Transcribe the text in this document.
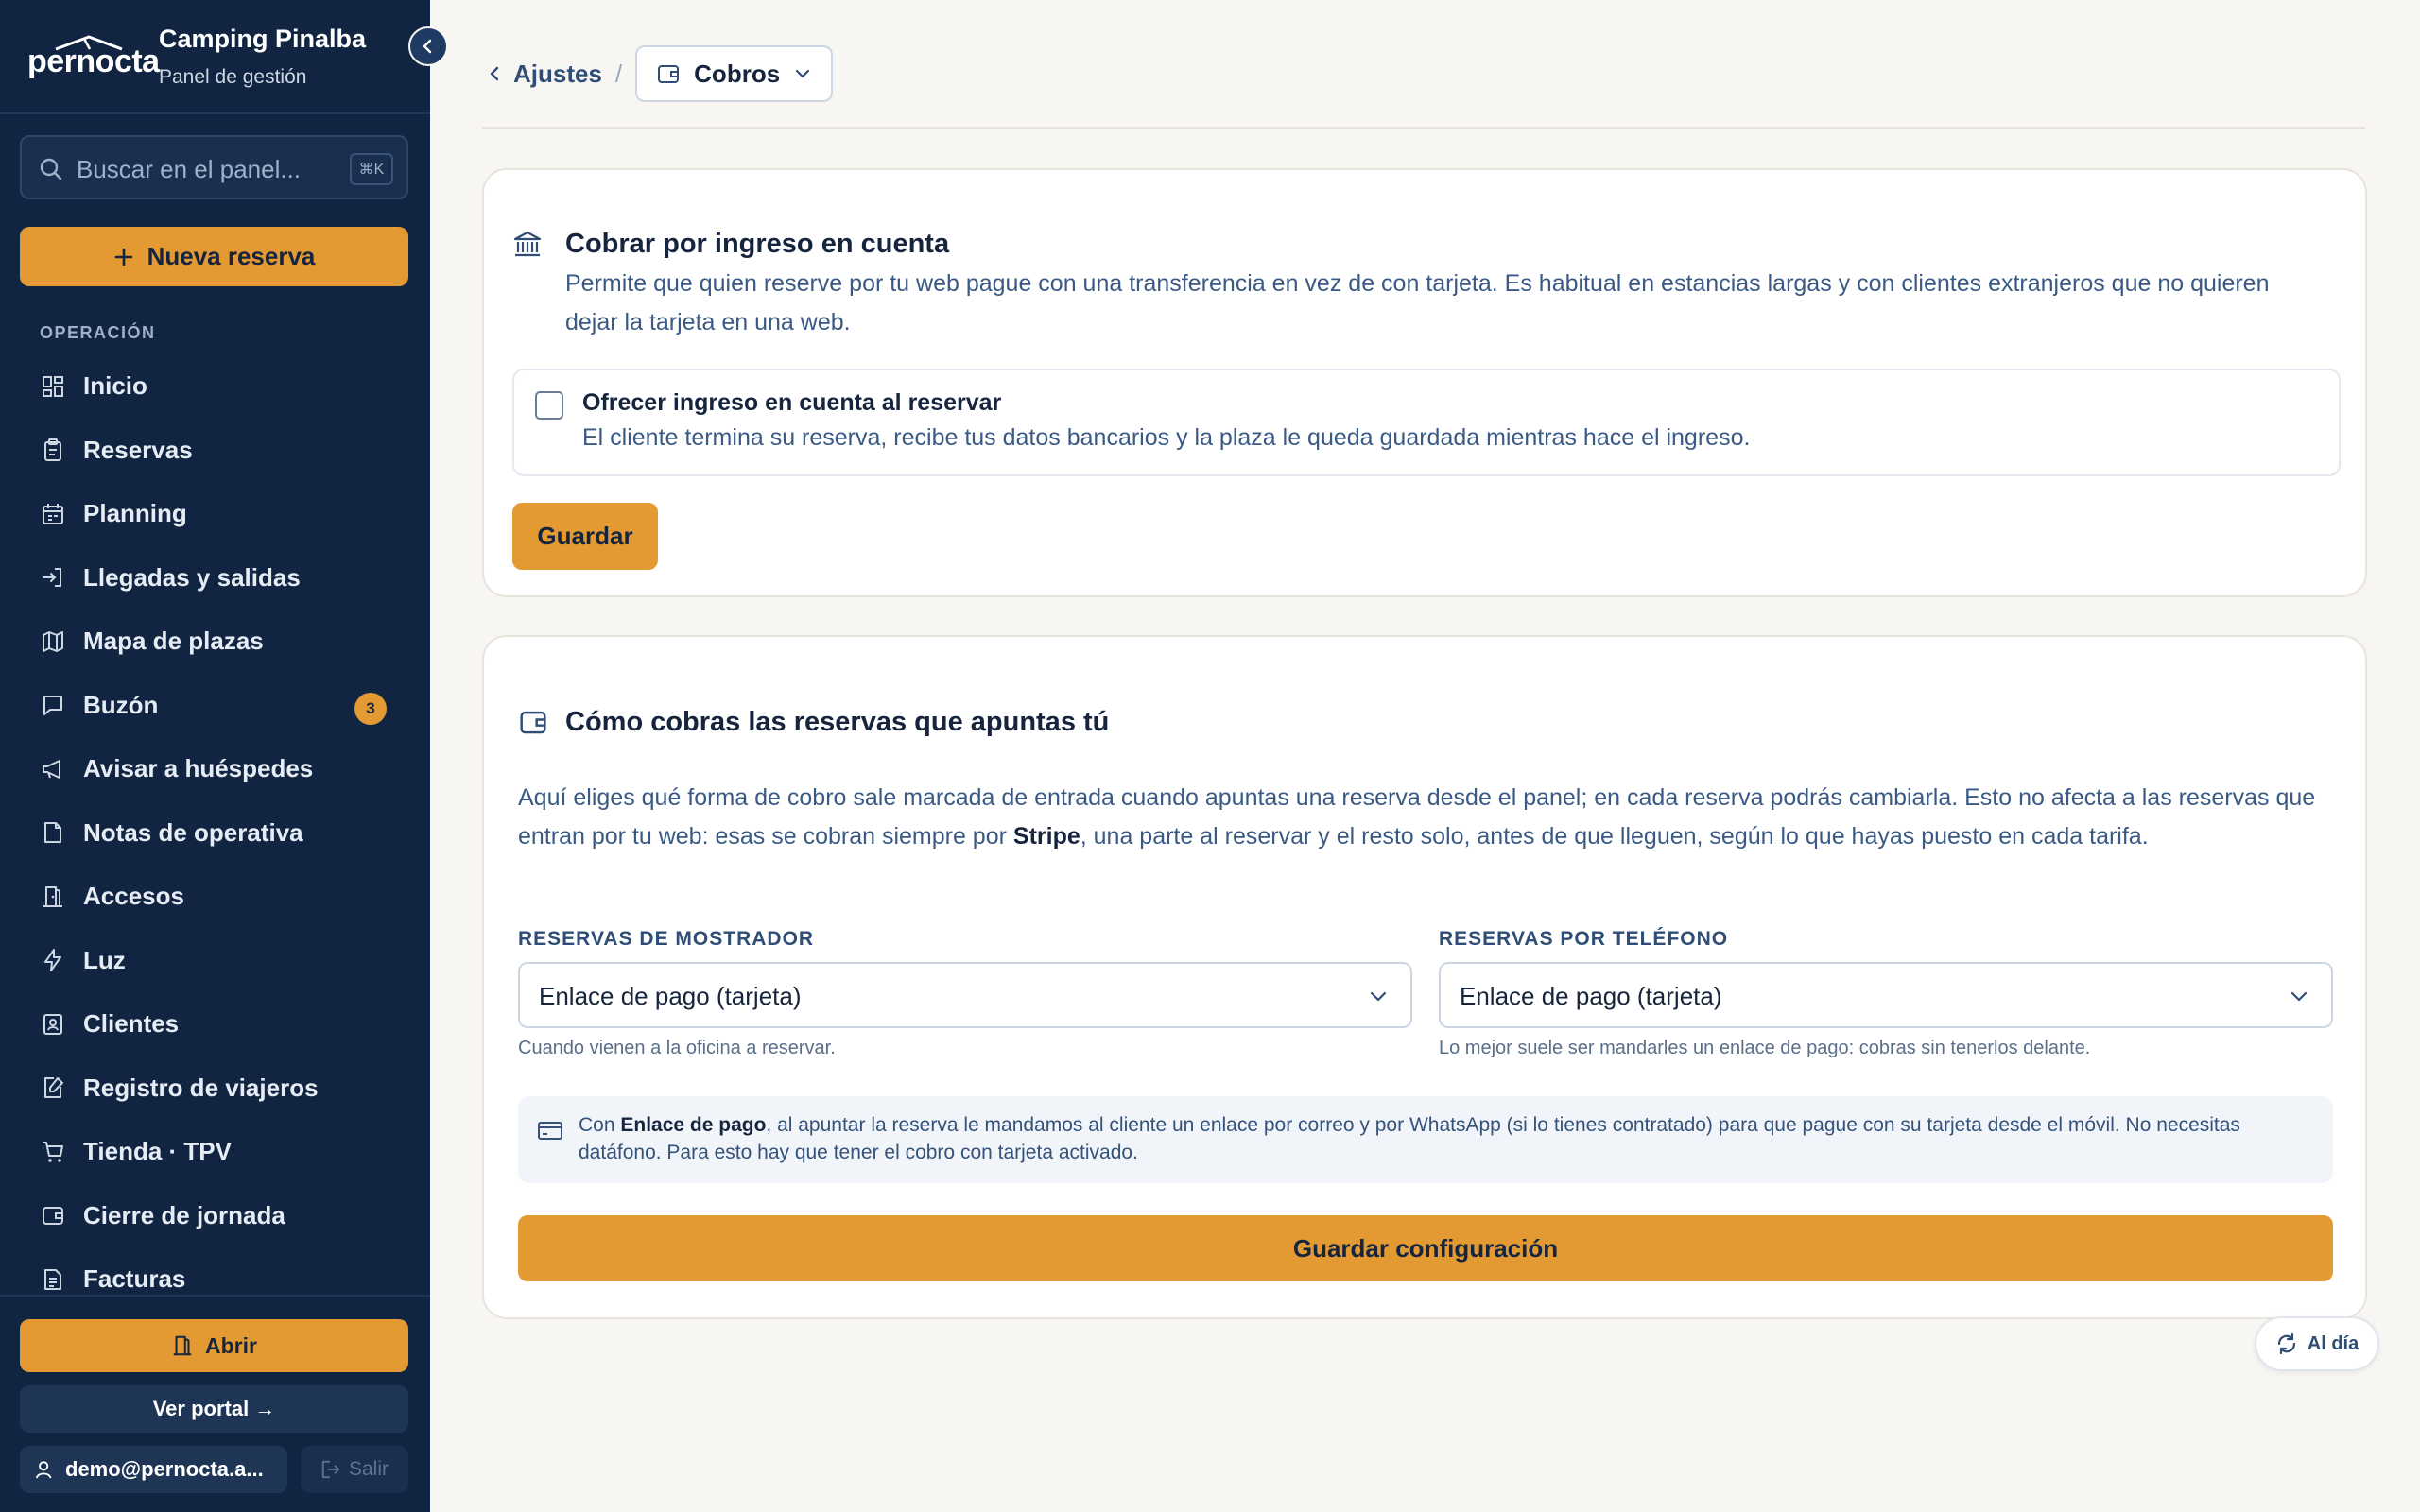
pernocta
Camping Pinalba
Panel de gestión
Buscar en el panel...	⌘K
Nueva reserva
OPERACIÓN
Inicio
Reservas
Planning
Llegadas y salidas
Mapa de plazas
Buzón	3
Avisar a huéspedes
Notas de operativa
Accesos
Luz
Clientes
Registro de viajeros
Tienda · TPV
Cierre de jornada
Facturas
Abrir
Ver portal →
demo@pernocta.a...	Salir
Ajustes /	Cobros
Cobrar por ingreso en cuenta
Permite que quien reserve por tu web pague con una transferencia en vez de con tarjeta. Es habitual en estancias largas y con clientes extranjeros que no quieren dejar la tarjeta en una web.
Ofrecer ingreso en cuenta al reservar
El cliente termina su reserva, recibe tus datos bancarios y la plaza le queda guardada mientras hace el ingreso.
Guardar
Cómo cobras las reservas que apuntas tú
Aquí eliges qué forma de cobro sale marcada de entrada cuando apuntas una reserva desde el panel; en cada reserva podrás cambiarla. Esto no afecta a las reservas que entran por tu web: esas se cobran siempre por Stripe, una parte al reservar y el resto solo, antes de que lleguen, según lo que hayas puesto en cada tarifa.
RESERVAS DE MOSTRADOR
Enlace de pago (tarjeta)
Cuando vienen a la oficina a reservar.
RESERVAS POR TELÉFONO
Enlace de pago (tarjeta)
Lo mejor suele ser mandarles un enlace de pago: cobras sin tenerlos delante.
Con Enlace de pago, al apuntar la reserva le mandamos al cliente un enlace por correo y por WhatsApp (si lo tienes contratado) para que pague con su tarjeta desde el móvil. No necesitas datáfono. Para esto hay que tener el cobro con tarjeta activado.
Guardar configuración
Al día
